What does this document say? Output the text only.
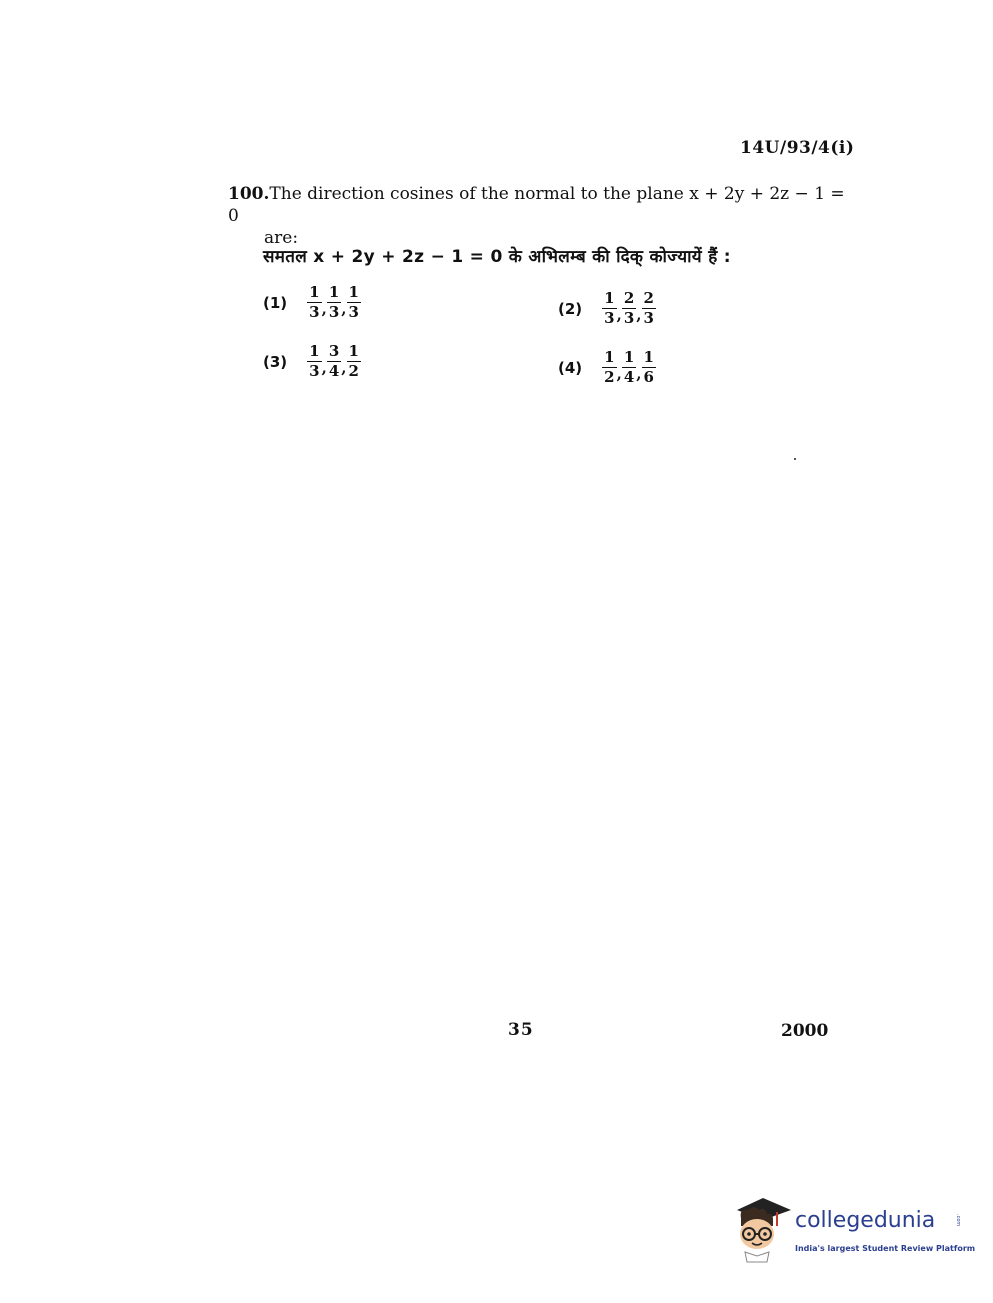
14U/93/4(i)
100.The direction cosines of the normal to the plane x + 2y + 2z − 1 = 0
are:
समतल x + 2y + 2z − 1 = 0 के अभिलम्ब की दिक् कोज्यायें हैं :
$(1) \frac{1}{3}$ , $\frac{1}{3}$ , $\frac{1}{3}$	$(2) \frac{1}{3}$ , $\frac{2}{3}$ , $\frac{2}{3}$
$(3) \frac{1}{3}$ , $\frac{3}{4}$ , $\frac{1}{2}$	$(4) \frac{1}{2}$ , $\frac{1}{4}$ , $\frac{1}{6}$
35	2000
collegedunia	.com
India's largest Student Review Platform
